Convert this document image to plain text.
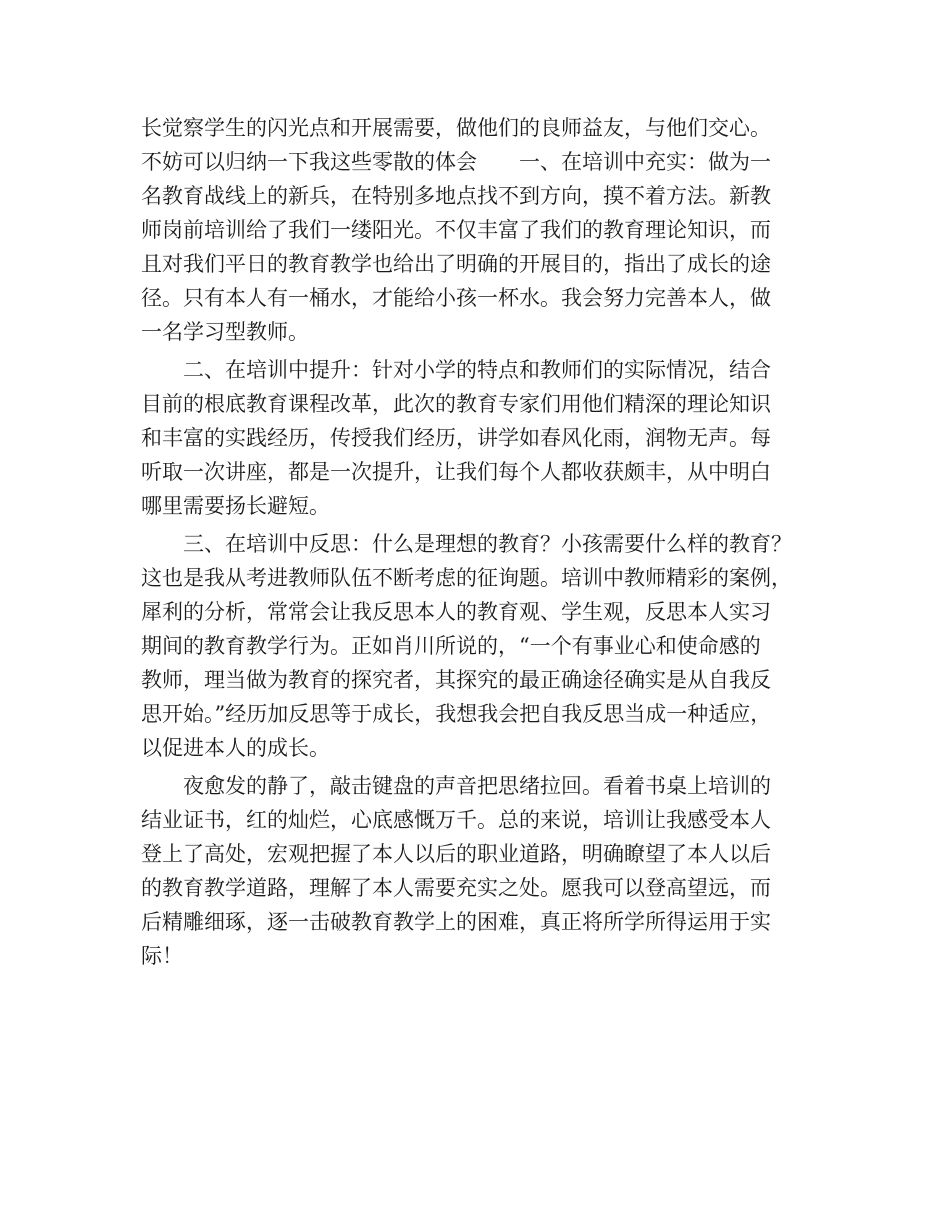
长觉察学生的闪光点和开展需要，做他们的良师益友，与他们交心。
不妨可以归纳一下我这些零散的体会　　一、在培训中充实：做为一
名教育战线上的新兵，在特别多地点找不到方向，摸不着方法。新教
师岗前培训给了我们一缕阳光。不仅丰富了我们的教育理论知识，而
且对我们平日的教育教学也给出了明确的开展目的，指出了成长的途
径。只有本人有一桶水，才能给小孩一杯水。我会努力完善本人，做
一名学习型教师。
二、在培训中提升：针对小学的特点和教师们的实际情况，结合
目前的根底教育课程改革，此次的教育专家们用他们精深的理论知识
和丰富的实践经历，传授我们经历，讲学如春风化雨，润物无声。每
听取一次讲座，都是一次提升，让我们每个人都收获颇丰，从中明白
哪里需要扬长避短。
三、在培训中反思：什么是理想的教育？小孩需要什么样的教育？
这也是我从考进教师队伍不断考虑的征询题。培训中教师精彩的案例，
犀利的分析，常常会让我反思本人的教育观、学生观，反思本人实习
期间的教育教学行为。正如肖川所说的，“一个有事业心和使命感的
教师，理当做为教育的探究者，其探究的最正确途径确实是从自我反
思开始。”经历加反思等于成长，我想我会把自我反思当成一种适应，
以促进本人的成长。
夜愈发的静了，敲击键盘的声音把思绪拉回。看着书桌上培训的
结业证书，红的灿烂，心底感慨万千。总的来说，培训让我感受本人
登上了高处，宏观把握了本人以后的职业道路，明确瞭望了本人以后
的教育教学道路，理解了本人需要充实之处。愿我可以登高望远，而
后精雕细琢，逐一击破教育教学上的困难，真正将所学所得运用于实
际！
